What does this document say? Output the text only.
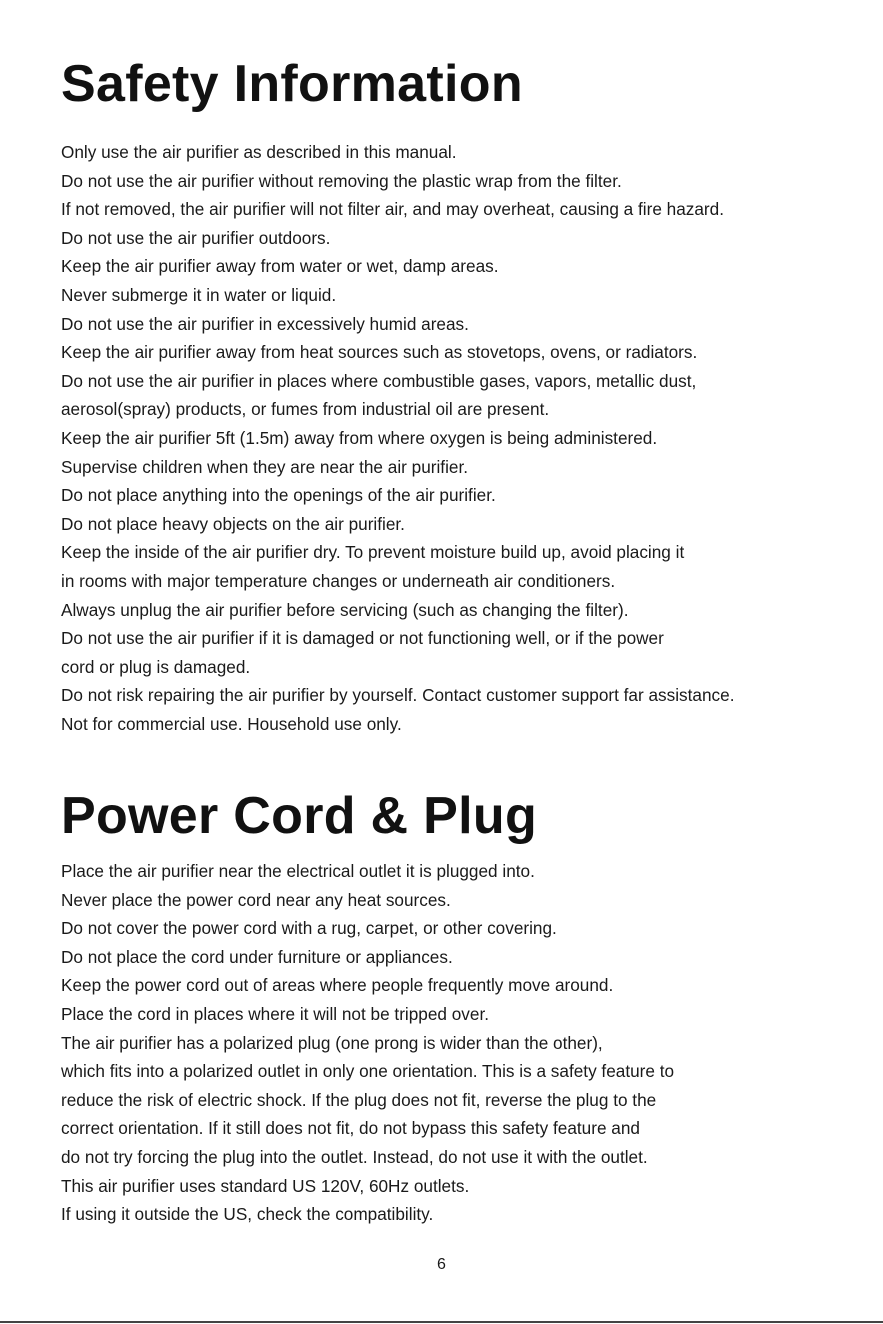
Safety Information
Only use the air purifier as described in this manual.
Do not use the air purifier without removing the plastic wrap from the filter.
If not removed, the air purifier will not filter air, and may overheat, causing a fire hazard.
Do not use the air purifier outdoors.
Keep the air purifier away from water or wet, damp areas.
Never submerge it in water or liquid.
Do not use the air purifier in excessively humid areas.
Keep the air purifier away from heat sources such as stovetops, ovens, or radiators.
Do not use the air purifier in places where combustible gases, vapors, metallic dust,
aerosol(spray) products, or fumes from industrial oil are present.
Keep the air purifier 5ft (1.5m) away from where oxygen is being administered.
Supervise children when they are near the air purifier.
Do not place anything into the openings of the air purifier.
Do not place heavy objects on the air purifier.
Keep the inside of the air purifier dry. To prevent moisture build up, avoid placing it
in rooms with major temperature changes or underneath air conditioners.
Always unplug the air purifier before servicing (such as changing the filter).
Do not use the air purifier if it is damaged or not functioning well, or if the power
cord or plug is damaged.
Do not risk repairing the air purifier by yourself. Contact customer support far assistance.
Not for commercial use. Household use only.
Power Cord & Plug
Place the air purifier near the electrical outlet it is plugged into.
Never place the power cord near any heat sources.
Do not cover the power cord with a rug, carpet, or other covering.
Do not place the cord under furniture or appliances.
Keep the power cord out of areas where people frequently move around.
Place the cord in places where it will not be tripped over.
The air purifier has a polarized plug (one prong is wider than the other),
which fits into a polarized outlet in only one orientation. This is a safety feature to
reduce the risk of electric shock. If the plug does not fit, reverse the plug to the
correct orientation. If it still does not fit, do not bypass this safety feature and
do not try forcing the plug into the outlet. Instead, do not use it with the outlet.
This air purifier uses standard US 120V, 60Hz outlets.
If using it outside the US, check the compatibility.
6
